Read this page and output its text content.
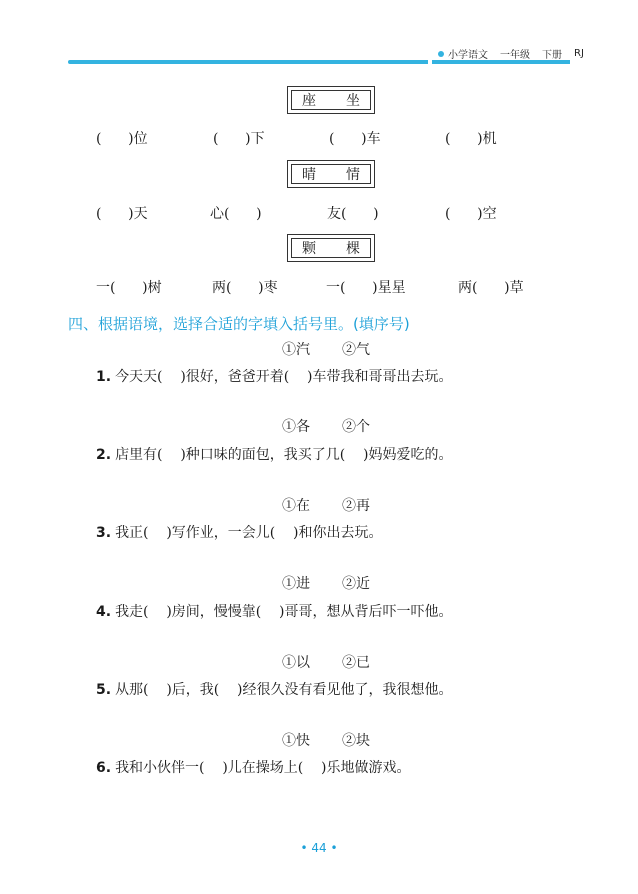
小学语文 一年级 下册 RJ
座 坐
(      )位	(      )下	(      )车	(      )机
晴 情
(      )天	心(      )	友(      )	(      )空
颗 棵
一(      )树	两(      )枣	一(      )星星	两(      )草
四、根据语境，选择合适的字填入括号里。(填序号)
①汽 ②气
1. 今天天(    )很好，爸爸开着(    )车带我和哥哥出去玩。
①各 ②个
2. 店里有(    )种口味的面包，我买了几(    )妈妈爱吃的。
①在 ②再
3. 我正(    )写作业，一会儿(    )和你出去玩。
①进 ②近
4. 我走(    )房间，慢慢靠(    )哥哥，想从背后吓一吓他。
①以 ②已
5. 从那(    )后，我(    )经很久没有看见他了，我很想他。
①快 ②块
6. 我和小伙伴一(    )儿在操场上(    )乐地做游戏。
• 44 •
